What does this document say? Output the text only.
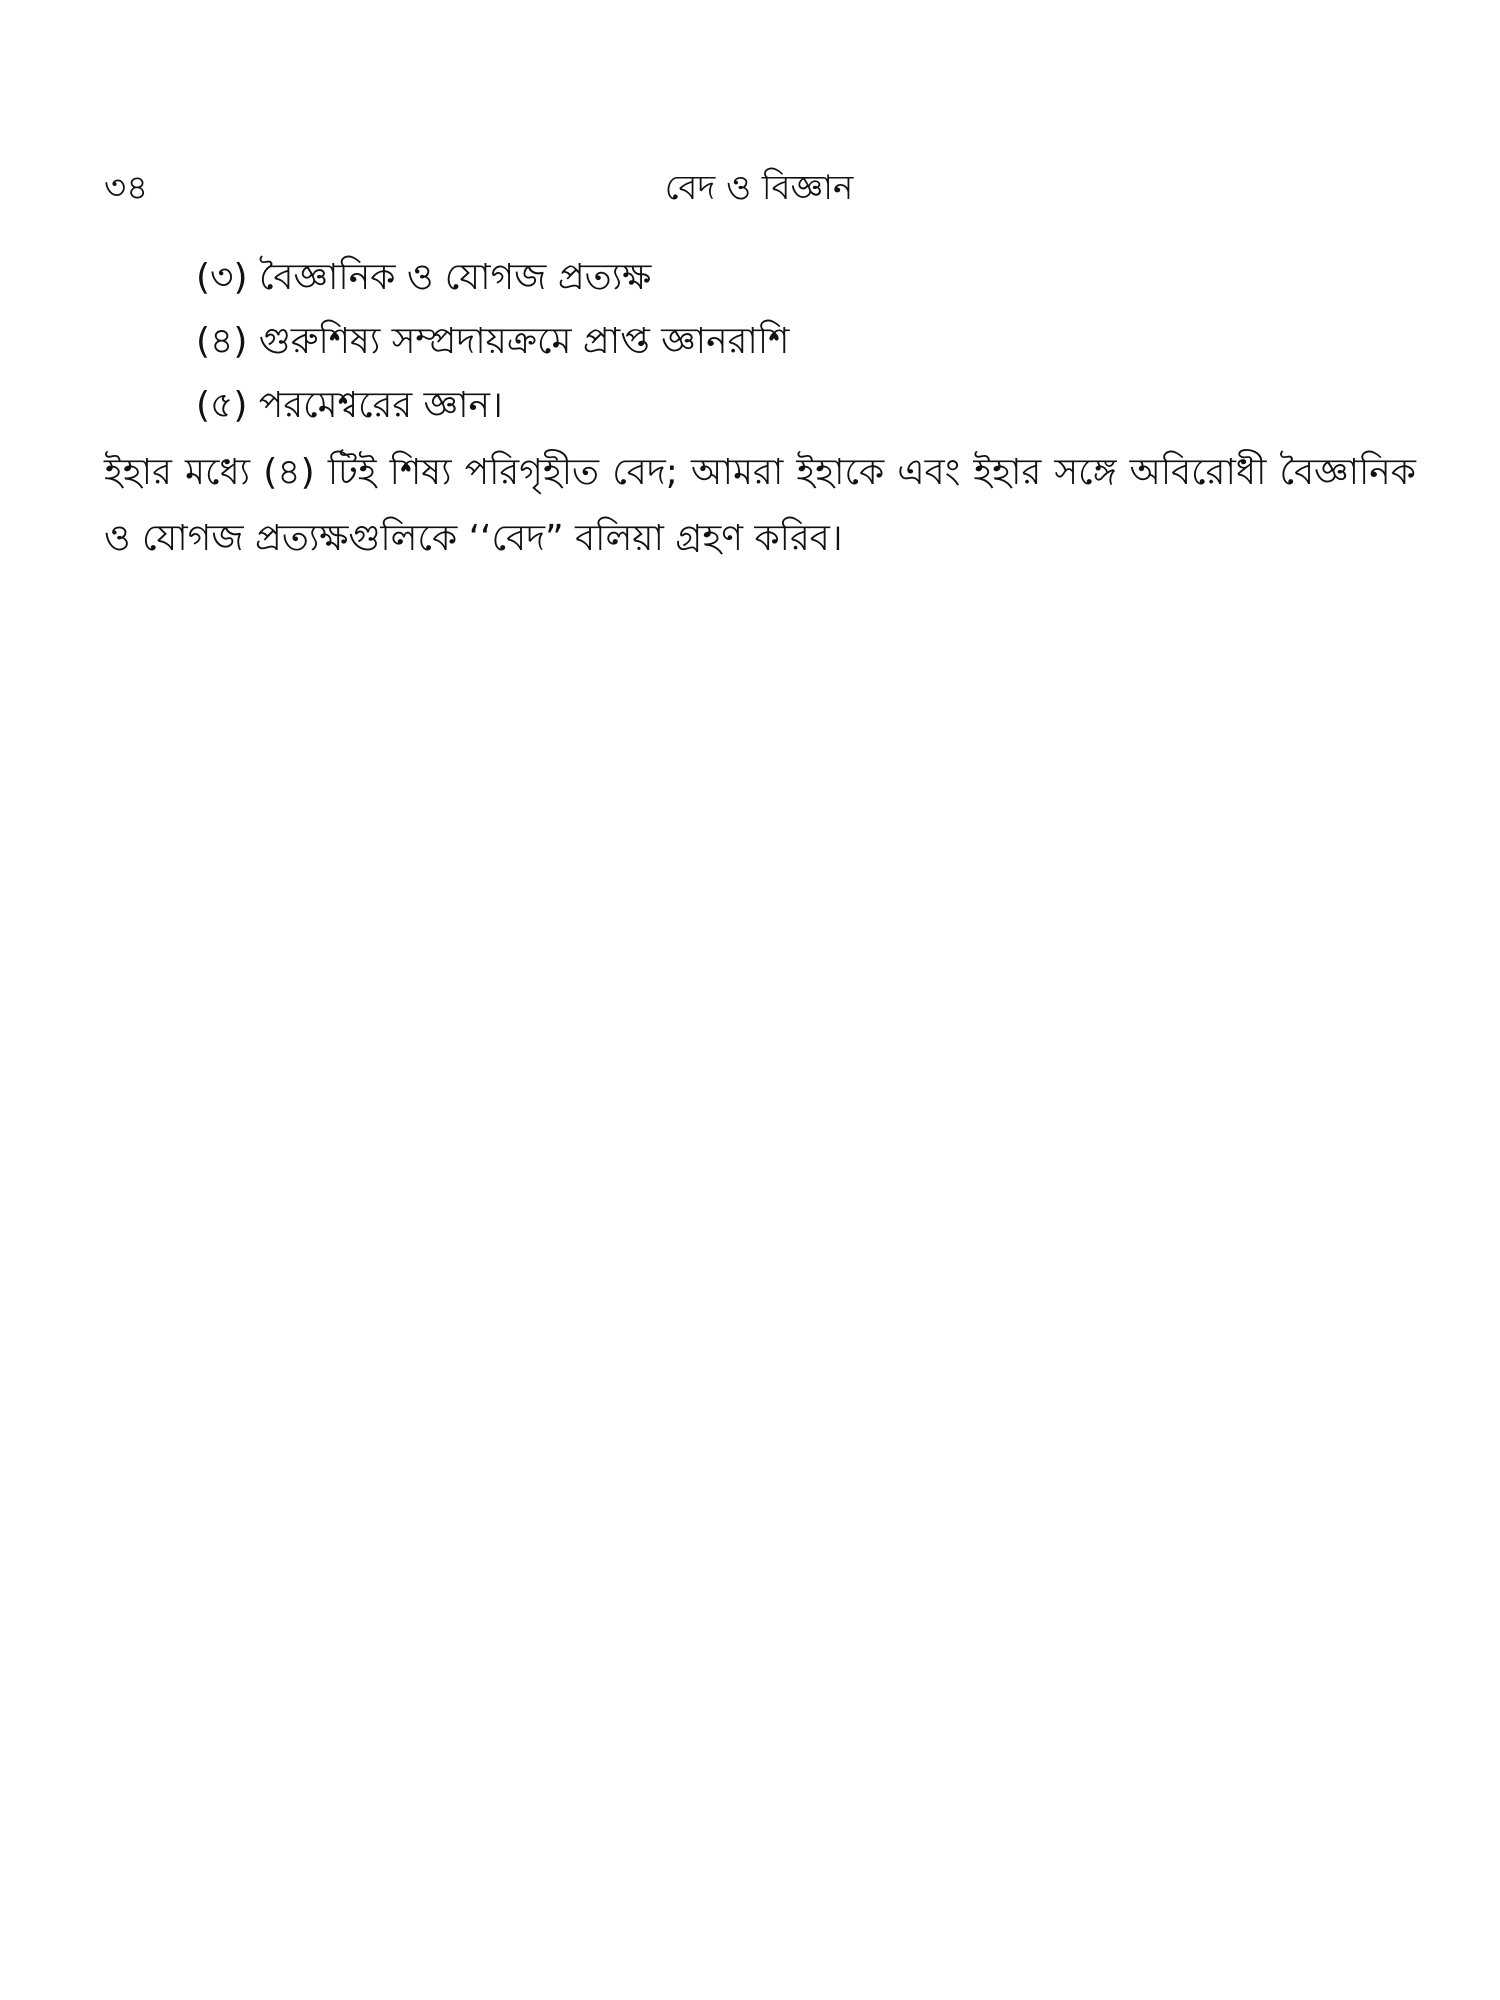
৩৪	বেদ ও বিজ্ঞান
(৩) বৈজ্ঞানিক ও যোগজ প্রত্যক্ষ
(৪) গুরুশিষ্য সম্প্রদায়ক্রমে প্রাপ্ত জ্ঞানরাশি
(৫) পরমেশ্বরের জ্ঞান।

ইহার মধ্যে (৪) টিই শিষ্য পরিগৃহীত বেদ; আমরা ইহাকে এবং ইহার সঙ্গে অবিরোধী বৈজ্ঞানিক ও যোগজ প্রত্যক্ষগুলিকে ‘‘বেদ” বলিয়া গ্রহণ করিব।
